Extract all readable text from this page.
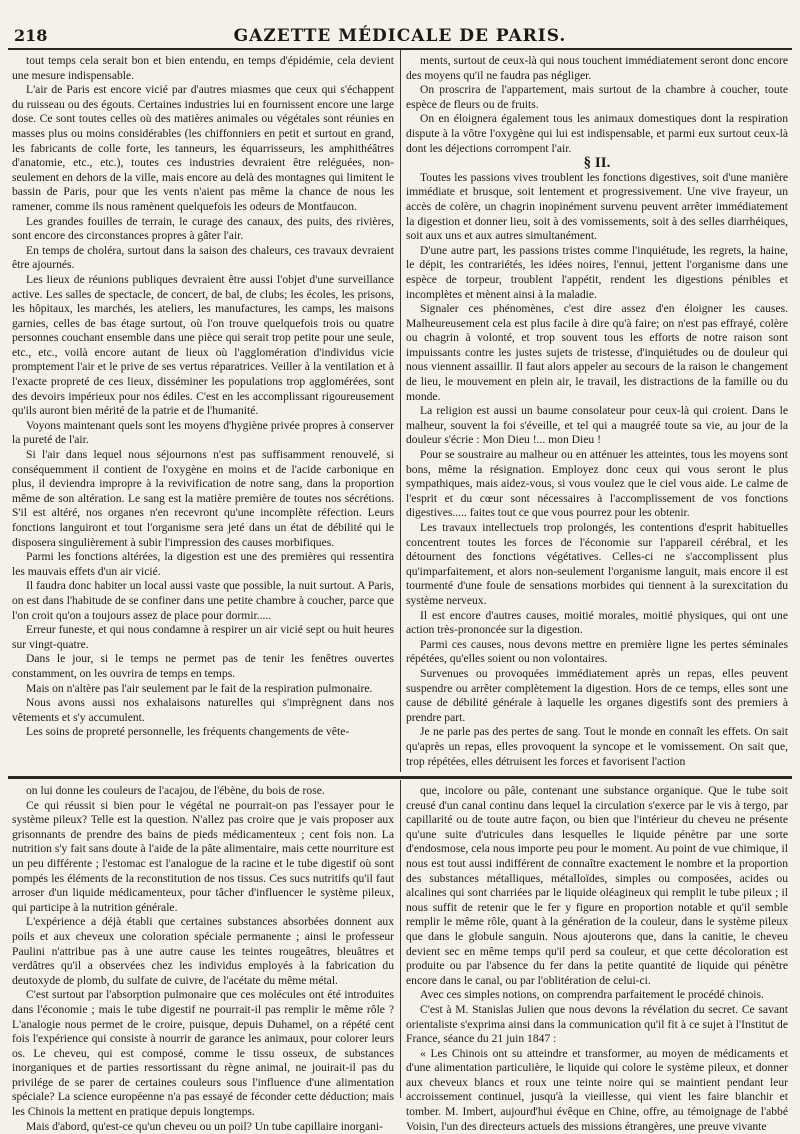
218	GAZETTE MÉDICALE DE PARIS.

tout temps cela serait bon et bien entendu, en temps d'épidémie, cela devient une mesure indispensable.

L'air de Paris est encore vicié par d'autres miasmes que ceux qui s'échappent du ruisseau ou des égouts. Certaines industries lui en fournissent encore une large dose. Ce sont toutes celles où des matières animales ou végétales sont réunies en masses plus ou moins considérables (les chiffonniers en petit et surtout en grand, les fabricants de colle forte, les tanneurs, les équarrisseurs, les amphithéâtres d'anatomie, etc., etc.), toutes ces industries devraient être reléguées, non-seulement en dehors de la ville, mais encore au delà des montagnes qui limitent le bassin de Paris, pour que les vents n'aient pas même la chance de nous les ramener, comme ils nous ramènent quelquefois les odeurs de Montfaucon.

Les grandes fouilles de terrain, le curage des canaux, des puits, des rivières, sont encore des circonstances propres à gâter l'air.

En temps de choléra, surtout dans la saison des chaleurs, ces travaux devraient être ajournés.

Les lieux de réunions publiques devraient être aussi l'objet d'une surveillance active. Les salles de spectacle, de concert, de bal, de clubs; les écoles, les prisons, les hôpitaux, les marchés, les ateliers, les manufactures, les camps, les maisons garnies, celles de bas étage surtout, où l'on trouve quelquefois trois ou quatre personnes couchant ensemble dans une pièce qui serait trop petite pour une seule, etc., etc., voilà encore autant de lieux où l'agglomération d'individus vicie promptement l'air et le prive de ses vertus réparatrices. Veiller à la ventilation et à l'exacte propreté de ces lieux, disséminer les populations trop agglomérées, sont des devoirs impérieux pour nos édiles. C'est en les accomplissant rigoureusement qu'ils auront bien mérité de la patrie et de l'humanité.

Voyons maintenant quels sont les moyens d'hygiène privée propres à conserver la pureté de l'air.

Si l'air dans lequel nous séjournons n'est pas suffisamment renouvelé, si conséquemment il contient de l'oxygène en moins et de l'acide carbonique en plus, il deviendra impropre à la revivification de notre sang, dans la proportion même de son altération. Le sang est la matière première de toutes nos sécrétions. S'il est altéré, nos organes n'en recevront qu'une incomplète réfection. Leurs fonctions languiront et tout l'organisme sera jeté dans un état de débilité qui le disposera singulièrement à subir l'impression des causes morbifiques.

Parmi les fonctions altérées, la digestion est une des premières qui ressentira les mauvais effets d'un air vicié.

Il faudra donc habiter un local aussi vaste que possible, la nuit surtout. A Paris, on est dans l'habitude de se confiner dans une petite chambre à coucher, parce que l'on croit qu'on a toujours assez de place pour dormir.....

Erreur funeste, et qui nous condamne à respirer un air vicié sept ou huit heures sur vingt-quatre.

Dans le jour, si le temps ne permet pas de tenir les fenêtres ouvertes constamment, on les ouvrira de temps en temps.

Mais on n'altère pas l'air seulement par le fait de la respiration pulmonaire.

Nous avons aussi nos exhalaisons naturelles qui s'imprègnent dans nos vêtements et s'y accumulent.

Les soins de propreté personnelle, les fréquents changements de vête-

ments, surtout de ceux-là qui nous touchent immédiatement seront donc encore des moyens qu'il ne faudra pas négliger.

On proscrira de l'appartement, mais surtout de la chambre à coucher, toute espèce de fleurs ou de fruits.

On en éloignera également tous les animaux domestiques dont la respiration dispute à la vôtre l'oxygène qui lui est indispensable, et parmi eux surtout ceux-là dont les déjections corrompent l'air.

§ II.

Toutes les passions vives troublent les fonctions digestives, soit d'une manière immédiate et brusque, soit lentement et progressivement. Une vive frayeur, un accès de colère, un chagrin inopinément survenu peuvent arrêter immédiatement la digestion et donner lieu, soit à des vomissements, soit à des selles diarrhéiques, soit aux uns et aux autres simultanément.

D'une autre part, les passions tristes comme l'inquiétude, les regrets, la haine, le dépit, les contrariétés, les idées noires, l'ennui, jettent l'organisme dans une espèce de torpeur, troublent l'appétit, rendent les digestions pénibles et incomplètes et mènent ainsi à la maladie.

Signaler ces phénomènes, c'est dire assez d'en éloigner les causes. Malheureusement cela est plus facile à dire qu'à faire; on n'est pas effrayé, colère ou chagrin à volonté, et trop souvent tous les efforts de notre raison sont impuissants contre les justes sujets de tristesse, d'inquiétudes ou de douleur qui nous viennent assaillir. Il faut alors appeler au secours de la raison le changement de lieu, le mouvement en plein air, le travail, les distractions de la famille ou du monde.

La religion est aussi un baume consolateur pour ceux-là qui croient. Dans le malheur, souvent la foi s'éveille, et tel qui a maugréé toute sa vie, au jour de la douleur s'écrie : Mon Dieu !... mon Dieu !

Pour se soustraire au malheur ou en atténuer les atteintes, tous les moyens sont bons, même la résignation. Employez donc ceux qui vous seront le plus sympathiques, mais aidez-vous, si vous voulez que le ciel vous aide. Le calme de l'esprit et du cœur sont nécessaires à l'accomplissement de vos fonctions digestives..... faites tout ce que vous pourrez pour les obtenir.

Les travaux intellectuels trop prolongés, les contentions d'esprit habituelles concentrent toutes les forces de l'économie sur l'appareil cérébral, et les détournent des fonctions végétatives. Celles-ci ne s'accomplissent plus qu'imparfaitement, et alors non-seulement l'organisme languit, mais encore il est tourmenté d'une foule de sensations morbides qui tiennent à la surexcitation du système nerveux.

Il est encore d'autres causes, moitié morales, moitié physiques, qui ont une action très-prononcée sur la digestion.

Parmi ces causes, nous devons mettre en première ligne les pertes séminales répétées, qu'elles soient ou non volontaires.

Survenues ou provoquées immédiatement après un repas, elles peuvent suspendre ou arrêter complètement la digestion. Hors de ce temps, elles sont une cause de débilité générale à laquelle les organes digestifs sont des premiers à prendre part.

Je ne parle pas des pertes de sang. Tout le monde en connaît les effets. On sait qu'après un repas, elles provoquent la syncope et le vomissement. On sait que, trop répétées, elles détruisent les forces et favorisent l'action

on lui donne les couleurs de l'acajou, de l'ébène, du bois de rose.

Ce qui réussit si bien pour le végétal ne pourrait-on pas l'essayer pour le système pileux? Telle est la question. N'allez pas croire que je vais proposer aux grisonnants de prendre des bains de pieds médicamenteux ; cent fois non. La nutrition s'y fait sans doute à l'aide de la pâte alimentaire, mais cette nourriture est un peu différente ; l'estomac est l'analogue de la racine et le tube digestif où sont pompés les éléments de la reconstitution de nos tissus. Ces sucs nutritifs qu'il faut arroser d'un liquide médicamenteux, pour tâcher d'influencer le système pileux, qui participe à la nutrition générale.

L'expérience a déjà établi que certaines substances absorbées donnent aux poils et aux cheveux une coloration spéciale permanente ; ainsi le professeur Paulini n'attribue pas à une autre cause les teintes rougeâtres, bleuâtres et verdâtres qu'il a observées chez les individus employés à la fabrication du deutoxyde de plomb, du sulfate de cuivre, de l'acétate du même métal.

C'est surtout par l'absorption pulmonaire que ces molécules ont été introduites dans l'économie ; mais le tube digestif ne pourrait-il pas remplir le même rôle ? L'analogie nous permet de le croire, puisque, depuis Duhamel, on a répété cent fois l'expérience qui consiste à nourrir de garance les animaux, pour colorer leurs os. Le cheveu, qui est composé, comme le tissu osseux, de substances inorganiques et de parties ressortissant du règne animal, ne jouirait-il pas du privilége de se parer de certaines couleurs sous l'influence d'une alimentation spéciale? La science européenne n'a pas essayé de féconder cette déduction; mais les Chinois la mettent en pratique depuis longtemps.

Mais d'abord, qu'est-ce qu'un cheveu ou un poil? Un tube capillaire inorgani-

que, incolore ou pâle, contenant une substance organique. Que le tube soit creusé d'un canal continu dans lequel la circulation s'exerce par le vis à tergo, par capillarité ou de toute autre façon, ou bien que l'intérieur du cheveu ne présente qu'une suite d'utricules dans lesquelles le liquide pénètre par une sorte d'endosmose, cela nous importe peu pour le moment. Au point de vue chimique, il nous est tout aussi indifférent de connaître exactement le nombre et la proportion des substances métalliques, métalloïdes, simples ou composées, acides ou alcalines qui sont charriées par le liquide oléagineux qui remplit le tube pileux ; il nous suffit de retenir que le fer y figure en proportion notable et qu'il semble remplir le même rôle, quant à la génération de la couleur, dans le système pileux que dans le globule sanguin. Nous ajouterons que, dans la canitie, le cheveu devient sec en même temps qu'il perd sa couleur, et que cette décoloration est produite ou par l'absence du fer dans la petite quantité de liquide qui pénètre encore dans le canal, ou par l'oblitération de celui-ci.

Avec ces simples notions, on comprendra parfaitement le procédé chinois.

C'est à M. Stanislas Julien que nous devons la révélation du secret. Ce savant orientaliste s'exprima ainsi dans la communication qu'il fit à ce sujet à l'Institut de France, séance du 21 juin 1847 :

« Les Chinois ont su atteindre et transformer, au moyen de médicaments et d'une alimentation particulière, le liquide qui colore le système pileux, et donner aux cheveux blancs et roux une teinte noire qui se maintient pendant leur accroissement continuel, jusqu'à la vieillesse, qui vient les faire blanchir et tomber. M. Imbert, aujourd'hui évêque en Chine, offre, au témoignage de l'abbé Voisin, l'un des directeurs actuels des missions étrangères, une preuve vivante
